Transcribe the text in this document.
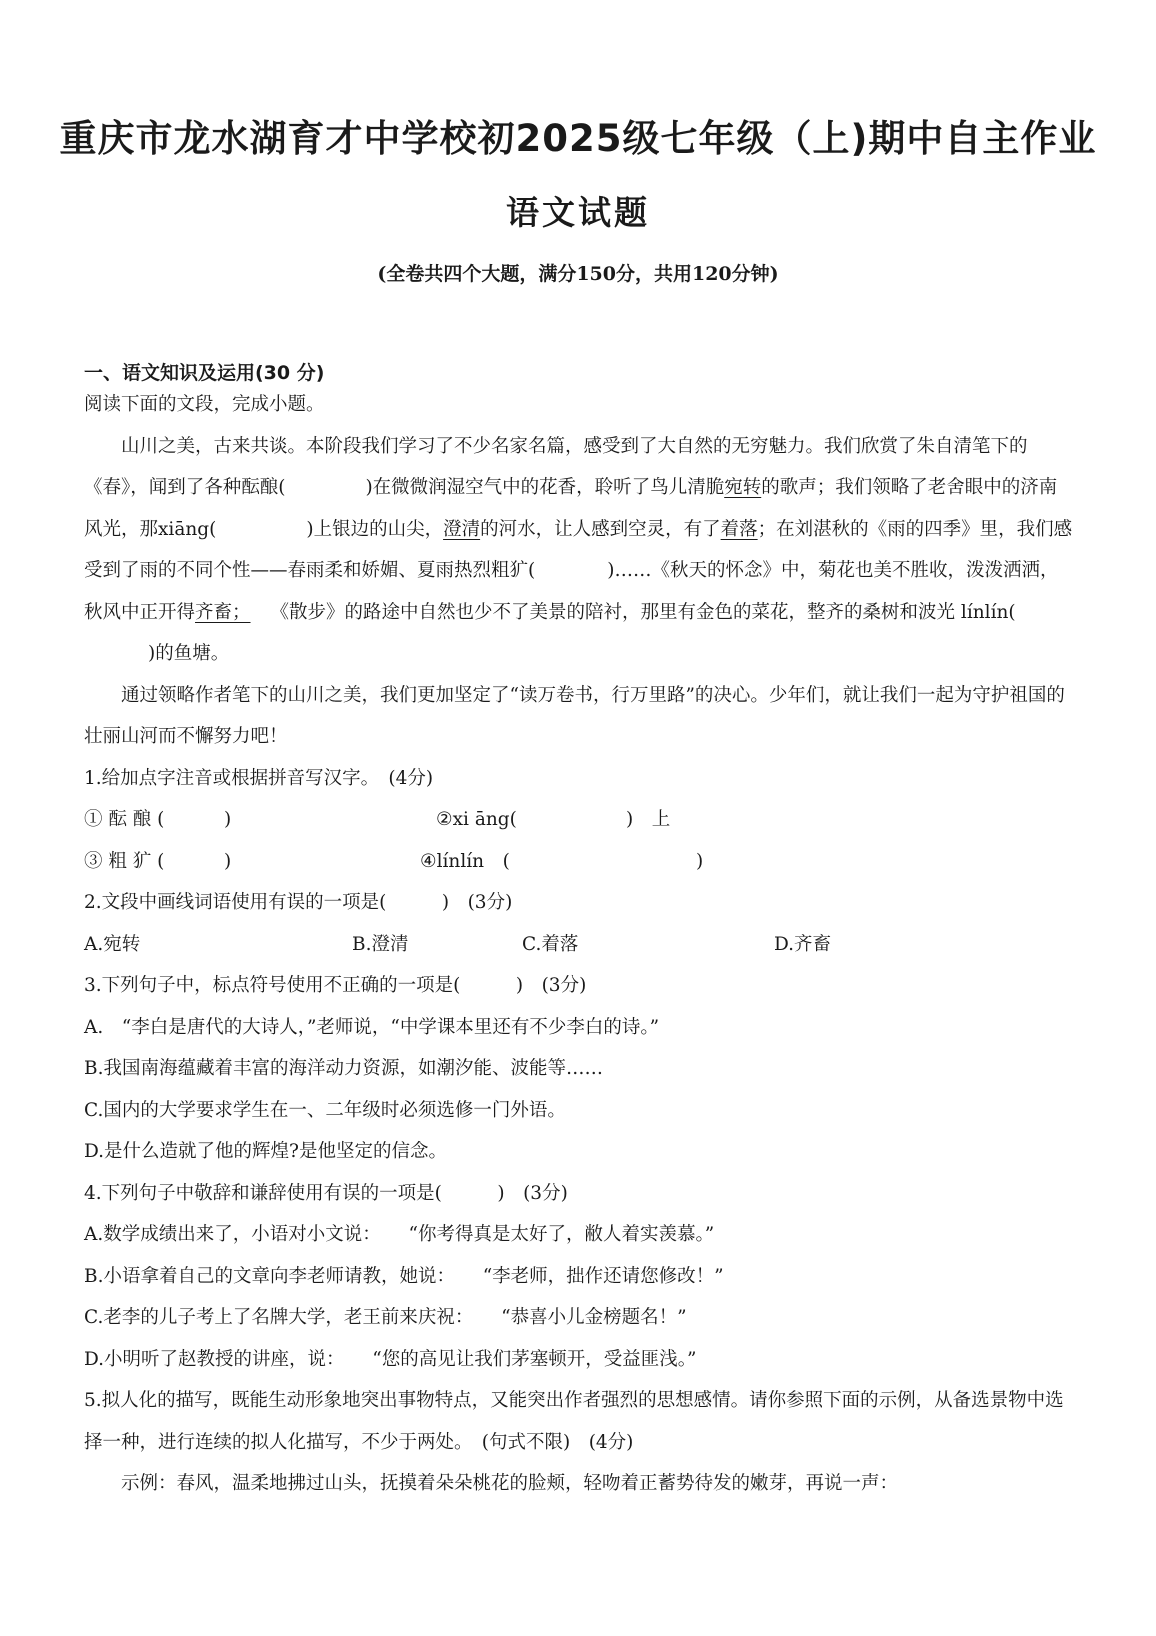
重庆市龙水湖育才中学校初2025级七年级（上)期中自主作业
语文试题
(全卷共四个大题，满分150分，共用120分钟)
一、语文知识及运用(30 分)

阅读下面的文段，完成小题。

山川之美，古来共谈。本阶段我们学习了不少名家名篇，感受到了大自然的无穷魅力。我们欣赏了朱自清笔下的《春》，闻到了各种酝酿(	)在微微润湿空气中的花香，聆听了鸟儿清脆宛转的歌声；我们领略了老舍眼中的济南风光，那xiāng(	)上银边的山尖，澄清的河水，让人感到空灵，有了着落；在刘湛秋的《雨的四季》里，我们感受到了雨的不同个性——春雨柔和娇媚、夏雨热烈粗犷(	)……《秋天的怀念》中，菊花也美不胜收，泼泼洒洒，秋风中正开得齐畜； 《散步》的路途中自然也少不了美景的陪衬，那里有金色的菜花，整齐的桑树和波光 línlín()的鱼塘。

通过领略作者笔下的山川之美，我们更加坚定了“读万卷书，行万里路”的决心。少年们，就让我们一起为守护祖国的壮丽山河而不懈努力吧！

1.给加点字注音或根据拼音写汉字。　(4分)

① 酝 酿 (	)	②xi āng(	)　上
③ 粗 犷 (	)	④línlín　(	)

2.文段中画线词语使用有误的一项是(　　　)　(3分)

A.宛转	B.澄清	C.着落	D.齐畜

3.下列句子中，标点符号使用不正确的一项是(　　　)　(3分)

A.　“李白是唐代的大诗人，”老师说，“中学课本里还有不少李白的诗。”

B.我国南海蕴藏着丰富的海洋动力资源，如潮汐能、波能等……

C.国内的大学要求学生在一、二年级时必须选修一门外语。

D.是什么造就了他的辉煌?是他坚定的信念。

4.下列句子中敬辞和谦辞使用有误的一项是(　　　)　(3分)

A.数学成绩出来了，小语对小文说：　　“你考得真是太好了，敝人着实羡慕。”

B.小语拿着自己的文章向李老师请教，她说：　　“李老师，拙作还请您修改！”

C.老李的儿子考上了名牌大学，老王前来庆祝：　　“恭喜小儿金榜题名！”

D.小明听了赵教授的讲座，说：　　“您的高见让我们茅塞顿开，受益匪浅。”

5.拟人化的描写，既能生动形象地突出事物特点，又能突出作者强烈的思想感情。请你参照下面的示例，从备选景物中选择一种，进行连续的拟人化描写，不少于两处。　(句式不限)　(4分)

示例：春风，温柔地拂过山头，抚摸着朵朵桃花的脸颊，轻吻着正蓄势待发的嫩芽，再说一声：
